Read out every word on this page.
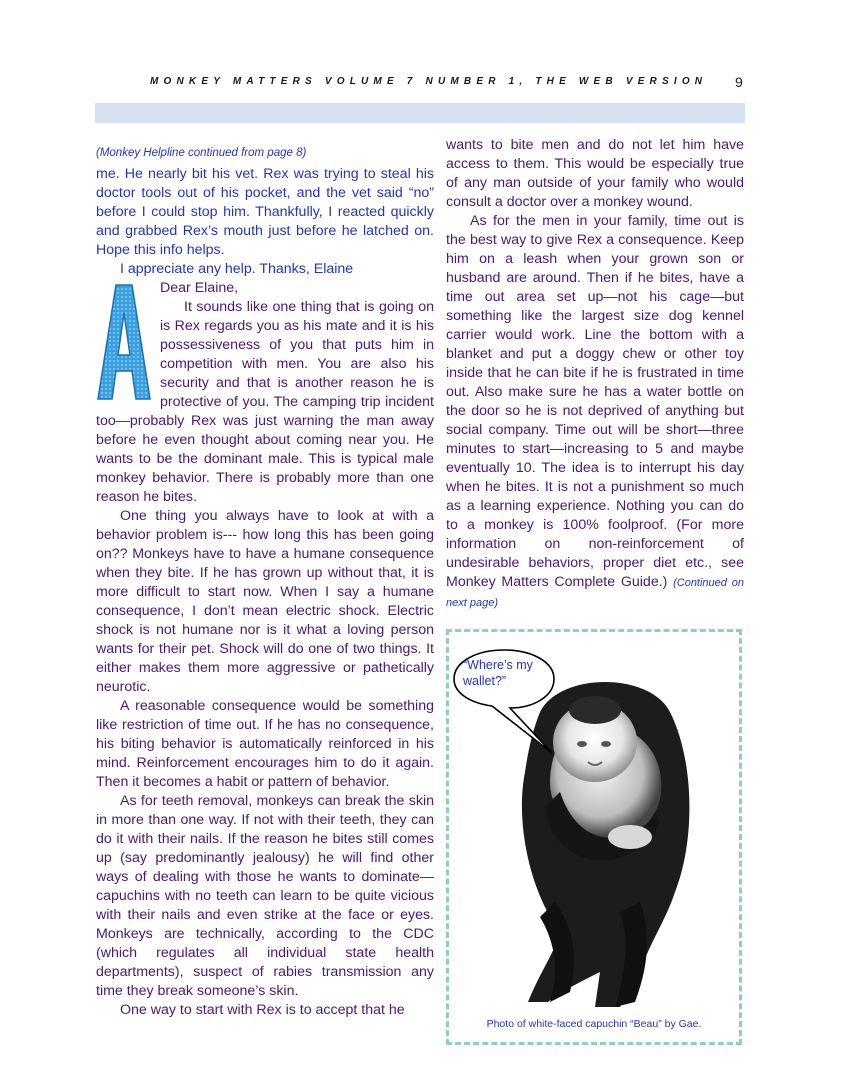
MONKEY MATTERS VOLUME 7 NUMBER 1, THE WEB VERSION 9

(Monkey Helpline continued from page 8)

me. He nearly bit his vet. Rex was trying to steal his doctor tools out of his pocket, and the vet said “no” before I could stop him. Thankfully, I reacted quickly and grabbed Rex’s mouth just before he latched on. Hope this info helps.

I appreciate any help. Thanks, Elaine

Dear Elaine,

It sounds like one thing that is going on is Rex regards you as his mate and it is his possessiveness of you that puts him in competition with men. You are also his security and that is another reason he is protective of you. The camping trip incident too—probably Rex was just warning the man away before he even thought about coming near you. He wants to be the dominant male. This is typical male monkey behavior. There is probably more than one reason he bites.

One thing you always have to look at with a behavior problem is--- how long this has been going on?? Monkeys have to have a humane consequence when they bite. If he has grown up without that, it is more difficult to start now. When I say a humane consequence, I don’t mean electric shock. Electric shock is not humane nor is it what a loving person wants for their pet. Shock will do one of two things. It either makes them more aggressive or pathetically neurotic.

A reasonable consequence would be something like restriction of time out. If he has no consequence, his biting behavior is automatically reinforced in his mind. Reinforcement encourages him to do it again. Then it becomes a habit or pattern of behavior.

As for teeth removal, monkeys can break the skin in more than one way. If not with their teeth, they can do it with their nails. If the reason he bites still comes up (say predominantly jealousy) he will find other ways of dealing with those he wants to dominate—capuchins with no teeth can learn to be quite vicious with their nails and even strike at the face or eyes. Monkeys are technically, according to the CDC (which regulates all individual state health departments), suspect of rabies transmission any time they break someone’s skin.

One way to start with Rex is to accept that he

wants to bite men and do not let him have access to them. This would be especially true of any man outside of your family who would consult a doctor over a monkey wound.

As for the men in your family, time out is the best way to give Rex a consequence. Keep him on a leash when your grown son or husband are around. Then if he bites, have a time out area set up—not his cage—but something like the largest size dog kennel carrier would work. Line the bottom with a blanket and put a doggy chew or other toy inside that he can bite if he is frustrated in time out. Also make sure he has a water bottle on the door so he is not deprived of anything but social company. Time out will be short—three minutes to start—increasing to 5 and maybe eventually 10. The idea is to interrupt his day when he bites. It is not a punishment so much as a learning experience. Nothing you can do to a monkey is 100% foolproof. (For more information on non-reinforcement of undesirable behaviors, proper diet etc., see Monkey Matters Complete Guide.) (Continued on next page)

“Where’s my wallet?”
Photo of white-faced capuchin “Beau” by Gae.
